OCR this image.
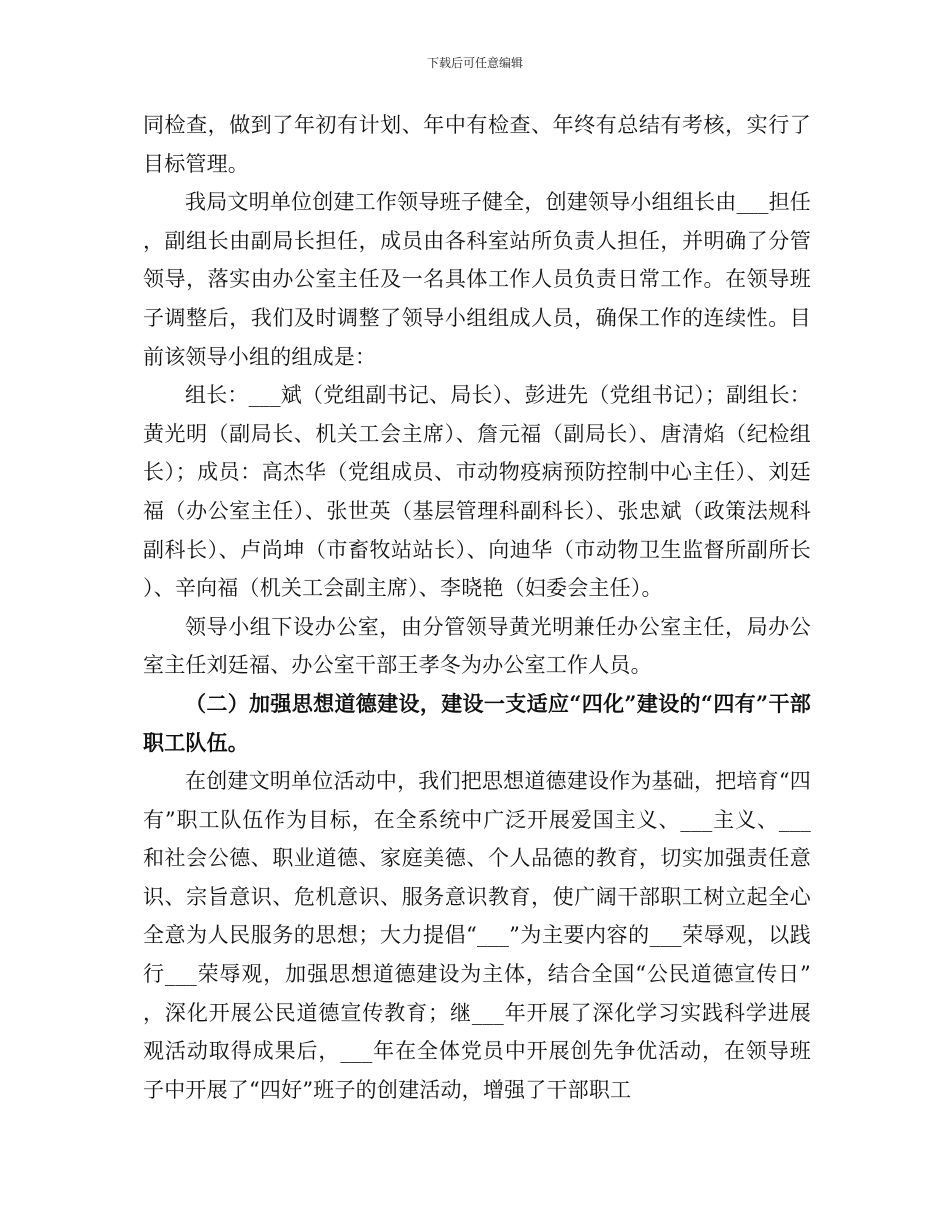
下载后可任意编辑

同检查，做到了年初有计划、年中有检查、年终有总结有考核，实行了目标管理。

我局文明单位创建工作领导班子健全，创建领导小组组长由___担任，副组长由副局长担任，成员由各科室站所负责人担任，并明确了分管领导，落实由办公室主任及一名具体工作人员负责日常工作。在领导班子调整后，我们及时调整了领导小组组成人员，确保工作的连续性。目前该领导小组的组成是：

组长：___斌（党组副书记、局长）、彭进先（党组书记）；副组长：黄光明（副局长、机关工会主席）、詹元福（副局长）、唐清焰（纪检组长）；成员：高杰华（党组成员、市动物疫病预防控制中心主任）、刘廷福（办公室主任）、张世英（基层管理科副科长）、张忠斌（政策法规科副科长）、卢尚坤（市畜牧站站长）、向迪华（市动物卫生监督所副所长）、辛向福（机关工会副主席）、李晓艳（妇委会主任）。

领导小组下设办公室，由分管领导黄光明兼任办公室主任，局办公室主任刘廷福、办公室干部王孝冬为办公室工作人员。

（二）加强思想道德建设，建设一支适应“四化”建设的“四有”干部职工队伍。

在创建文明单位活动中，我们把思想道德建设作为基础，把培育“四有”职工队伍作为目标，在全系统中广泛开展爱国主义、___主义、___和社会公德、职业道德、家庭美德、个人品德的教育，切实加强责任意识、宗旨意识、危机意识、服务意识教育，使广阔干部职工树立起全心全意为人民服务的思想；大力提倡“___”为主要内容的___荣辱观，以践行___荣辱观，加强思想道德建设为主体，结合全国“公民道德宣传日”，深化开展公民道德宣传教育；继___年开展了深化学习实践科学进展观活动取得成果后，___年在全体党员中开展创先争优活动，在领导班子中开展了“四好”班子的创建活动，增强了干部职工
